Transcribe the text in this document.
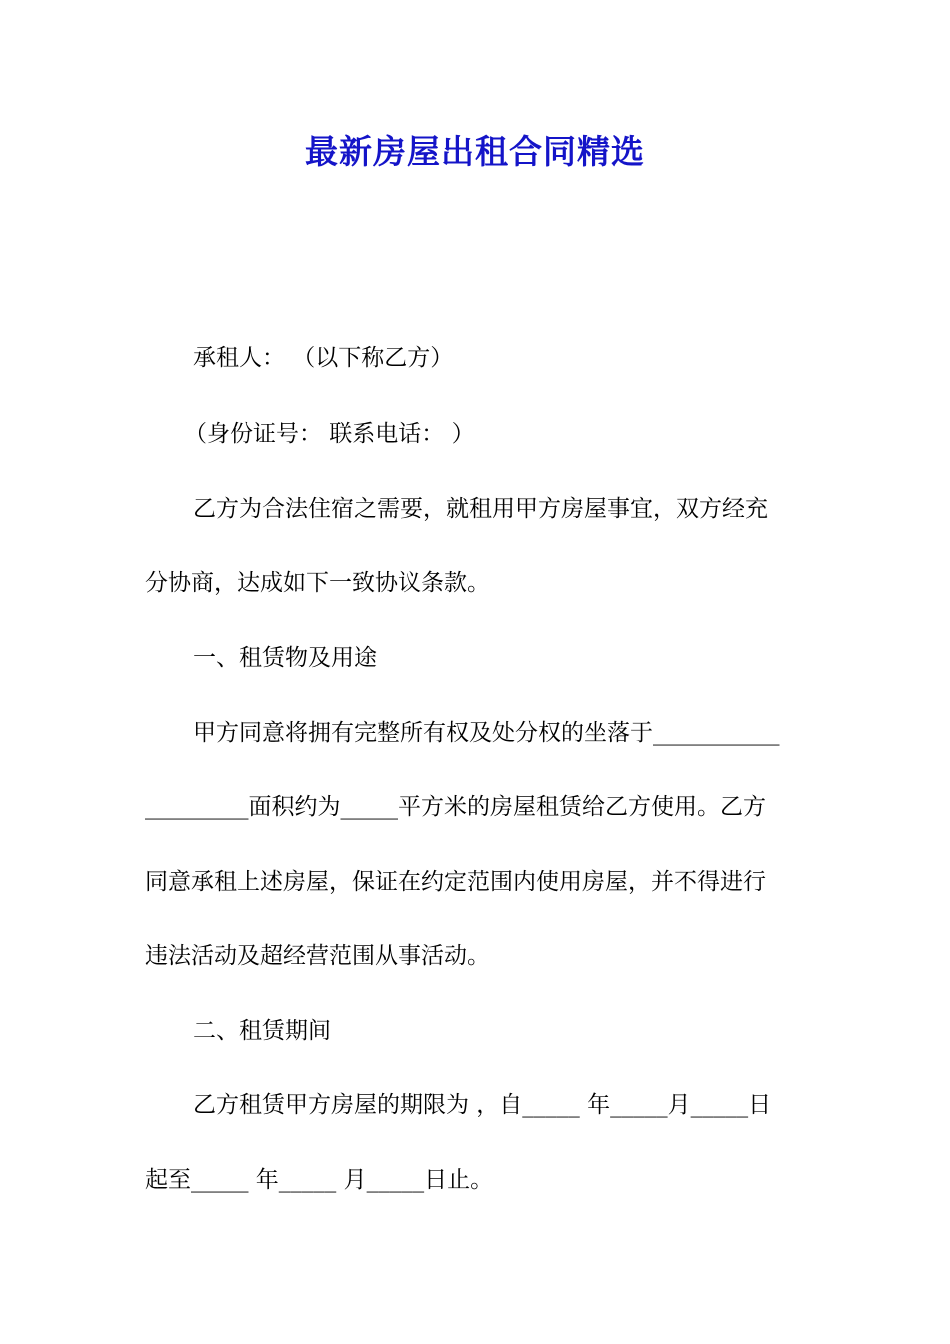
最新房屋出租合同精选
承租人： （以下称乙方）
（身份证号： 联系电话： ）
乙方为合法住宿之需要，就租用甲方房屋事宜，双方经充
分协商，达成如下一致协议条款。
一、租赁物及用途
甲方同意将拥有完整所有权及处分权的坐落于___________
_________面积约为_____平方米的房屋租赁给乙方使用。乙方
同意承租上述房屋，保证在约定范围内使用房屋，并不得进行
违法活动及超经营范围从事活动。
二、租赁期间
乙方租赁甲方房屋的期限为 ，自_____ 年_____月_____日
起至_____ 年_____ 月_____日止。
